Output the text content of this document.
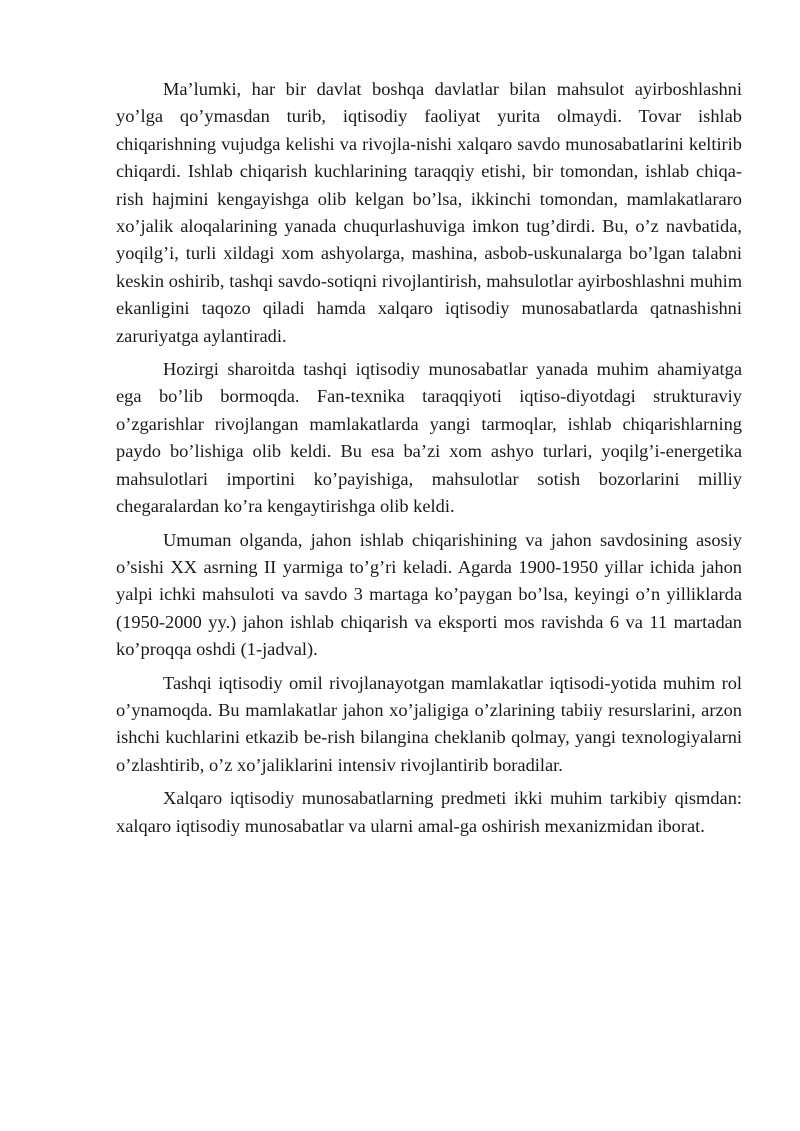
Ma’lumki, har bir davlat boshqa davlatlar bilan mahsulot ayirboshlashni yo’lga qo’ymasdan turib, iqtisodiy faoliyat yurita olmaydi. Tovar ishlab chiqarishning vujudga kelishi va rivojla-nishi xalqaro savdo munosabatlarini keltirib chiqardi. Ishlab chiqarish kuchlarining taraqqiy etishi, bir tomondan, ishlab chiqa-rish hajmini kengayishga olib kelgan bo’lsa, ikkinchi tomondan, mamlakatlararo xo’jalik aloqalarining yanada chuqurlashuviga imkon tug’dirdi. Bu, o’z navbatida, yoqilg’i, turli xildagi xom ashyolarga, mashina, asbob-uskunalarga bo’lgan talabni keskin oshirib, tashqi savdo-sotiqni rivojlantirish, mahsulotlar ayirboshlashni muhim ekanligini taqozo qiladi hamda xalqaro iqtisodiy munosabatlarda qatnashishni zaruriyatga aylantiradi.

Hozirgi sharoitda tashqi iqtisodiy munosabatlar yanada muhim ahamiyatga ega bo’lib bormoqda. Fan-texnika taraqqiyoti iqtiso-diyotdagi strukturaviy o’zgarishlar rivojlangan mamlakatlarda yangi tarmoqlar, ishlab chiqarishlarning paydo bo’lishiga olib keldi. Bu esa ba’zi xom ashyo turlari, yoqilg’i-energetika mahsulotlari importini ko’payishiga, mahsulotlar sotish bozorlarini milliy chegaralardan ko’ra kengaytirishga olib keldi.

Umuman olganda, jahon ishlab chiqarishining va jahon savdosining asosiy o’sishi XX asrning II yarmiga to’g’ri keladi. Agarda 1900-1950 yillar ichida jahon yalpi ichki mahsuloti va savdo 3 martaga ko’paygan bo’lsa, keyingi o’n yilliklarda (1950-2000 yy.) jahon ishlab chiqarish va eksporti mos ravishda 6 va 11 martadan ko’proqqa oshdi (1-jadval).

Tashqi iqtisodiy omil rivojlanayotgan mamlakatlar iqtisodi-yotida muhim rol o’ynamoqda. Bu mamlakatlar jahon xo’jaligiga o’zlarining tabiiy resurslarini, arzon ishchi kuchlarini etkazib be-rish bilangina cheklanib qolmay, yangi texnologiyalarni o’zlashtirib, o’z xo’jaliklarini intensiv rivojlantirib boradilar.

Xalqaro iqtisodiy munosabatlarning predmeti ikki muhim tarkibiy qismdan: xalqaro iqtisodiy munosabatlar va ularni amal-ga oshirish mexanizmidan iborat.
